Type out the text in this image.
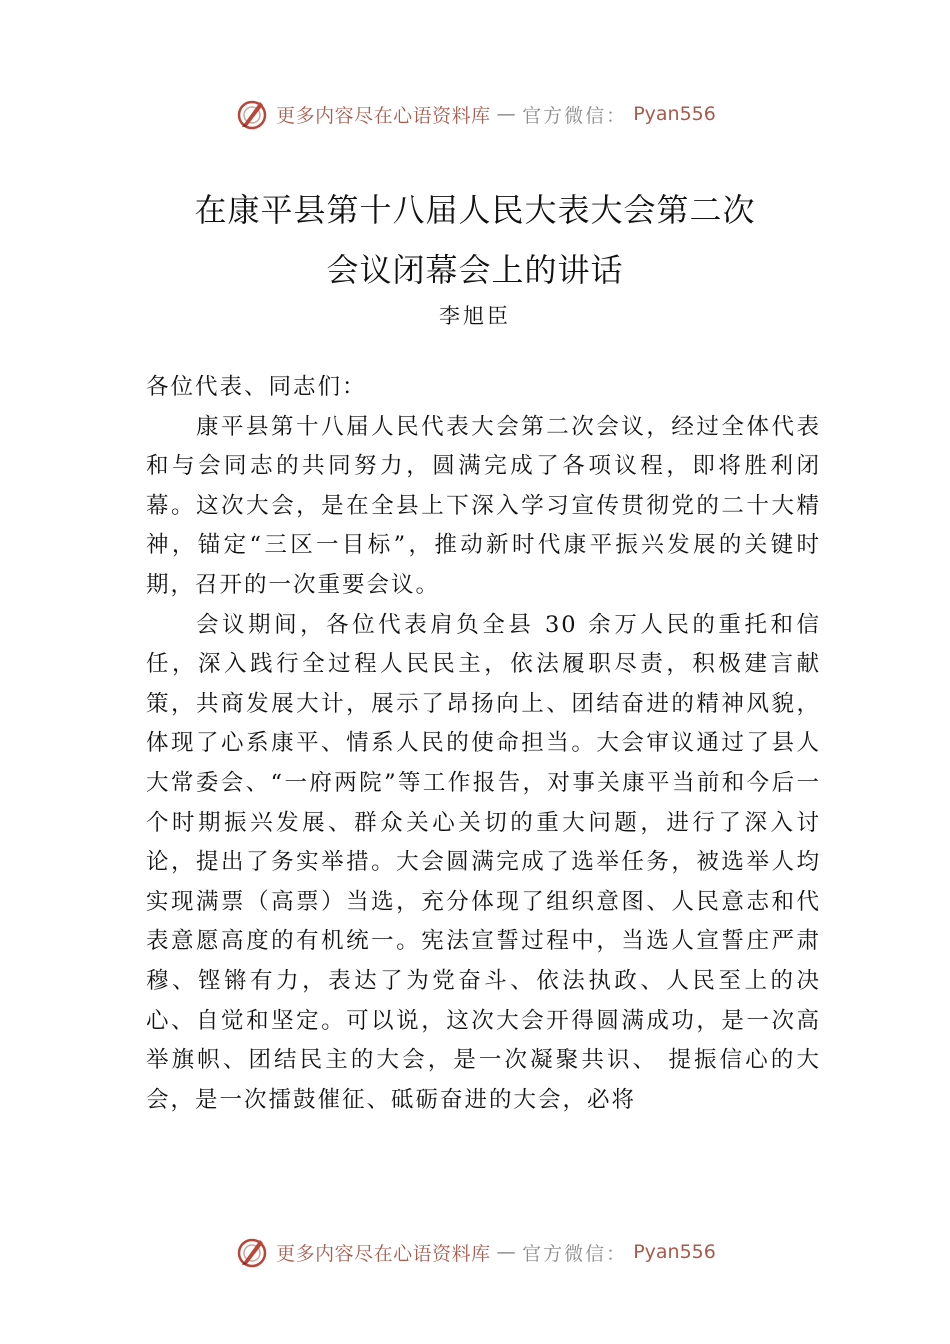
更多内容尽在心语资料库 — 官方微信： Pyan556
在康平县第十八届人民大表大会第二次
会议闭幕会上的讲话
李旭臣

各位代表、同志们：

康平县第十八届人民代表大会第二次会议，经过全体代表和与会同志的共同努力，圆满完成了各项议程，即将胜利闭幕。这次大会，是在全县上下深入学习宣传贯彻党的二十大精神，锚定“三区一目标”，推动新时代康平振兴发展的关键时期，召开的一次重要会议。

会议期间，各位代表肩负全县 30 余万人民的重托和信任，深入践行全过程人民民主，依法履职尽责，积极建言献策，共商发展大计，展示了昂扬向上、团结奋进的精神风貌，体现了心系康平、情系人民的使命担当。大会审议通过了县人大常委会、“一府两院”等工作报告，对事关康平当前和今后一个时期振兴发展、群众关心关切的重大问题，进行了深入讨论，提出了务实举措。大会圆满完成了选举任务，被选举人均实现满票（高票）当选，充分体现了组织意图、人民意志和代表意愿高度的有机统一。宪法宣誓过程中，当选人宣誓庄严肃穆、铿锵有力，表达了为党奋斗、依法执政、人民至上的决心、自觉和坚定。可以说，这次大会开得圆满成功，是一次高举旗帜、团结民主的大会，是一次凝聚共识、 提振信心的大会，是一次擂鼓催征、砥砺奋进的大会，必将

更多内容尽在心语资料库 — 官方微信： Pyan556
